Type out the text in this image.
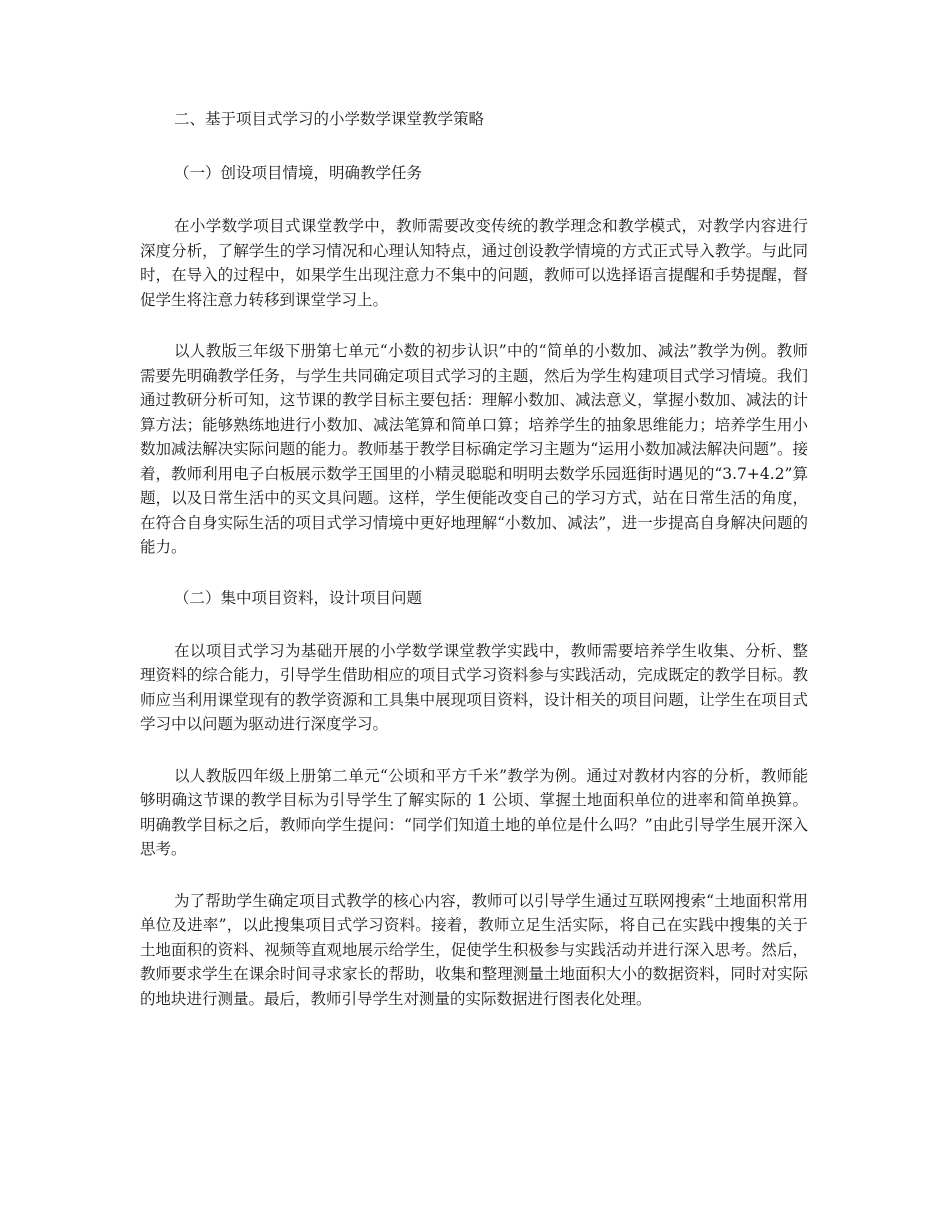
二、基于项目式学习的小学数学课堂教学策略

（一）创设项目情境，明确教学任务

在小学数学项目式课堂教学中，教师需要改变传统的教学理念和教学模式，对教学内容进行深度分析，了解学生的学习情况和心理认知特点，通过创设教学情境的方式正式导入教学。与此同时，在导入的过程中，如果学生出现注意力不集中的问题，教师可以选择语言提醒和手势提醒，督促学生将注意力转移到课堂学习上。

以人教版三年级下册第七单元“小数的初步认识”中的“简单的小数加、减法”教学为例。教师需要先明确教学任务，与学生共同确定项目式学习的主题，然后为学生构建项目式学习情境。我们通过教研分析可知，这节课的教学目标主要包括：理解小数加、减法意义，掌握小数加、减法的计算方法；能够熟练地进行小数加、减法笔算和简单口算；培养学生的抽象思维能力；培养学生用小数加减法解决实际问题的能力。教师基于教学目标确定学习主题为“运用小数加减法解决问题”。接着，教师利用电子白板展示数学王国里的小精灵聪聪和明明去数学乐园逛街时遇见的“3.7+4.2”算题，以及日常生活中的买文具问题。这样，学生便能改变自己的学习方式，站在日常生活的角度，在符合自身实际生活的项目式学习情境中更好地理解“小数加、减法”，进一步提高自身解决问题的能力。

（二）集中项目资料，设计项目问题

在以项目式学习为基础开展的小学数学课堂教学实践中，教师需要培养学生收集、分析、整理资料的综合能力，引导学生借助相应的项目式学习资料参与实践活动，完成既定的教学目标。教师应当利用课堂现有的教学资源和工具集中展现项目资料，设计相关的项目问题，让学生在项目式学习中以问题为驱动进行深度学习。

以人教版四年级上册第二单元“公顷和平方千米”教学为例。通过对教材内容的分析，教师能够明确这节课的教学目标为引导学生了解实际的 1 公顷、掌握土地面积单位的进率和简单换算。明确教学目标之后，教师向学生提问：“同学们知道土地的单位是什么吗？”由此引导学生展开深入思考。

为了帮助学生确定项目式教学的核心内容，教师可以引导学生通过互联网搜索“土地面积常用单位及进率”，以此搜集项目式学习资料。接着，教师立足生活实际，将自己在实践中搜集的关于土地面积的资料、视频等直观地展示给学生，促使学生积极参与实践活动并进行深入思考。然后，教师要求学生在课余时间寻求家长的帮助，收集和整理测量土地面积大小的数据资料，同时对实际的地块进行测量。最后，教师引导学生对测量的实际数据进行图表化处理。
